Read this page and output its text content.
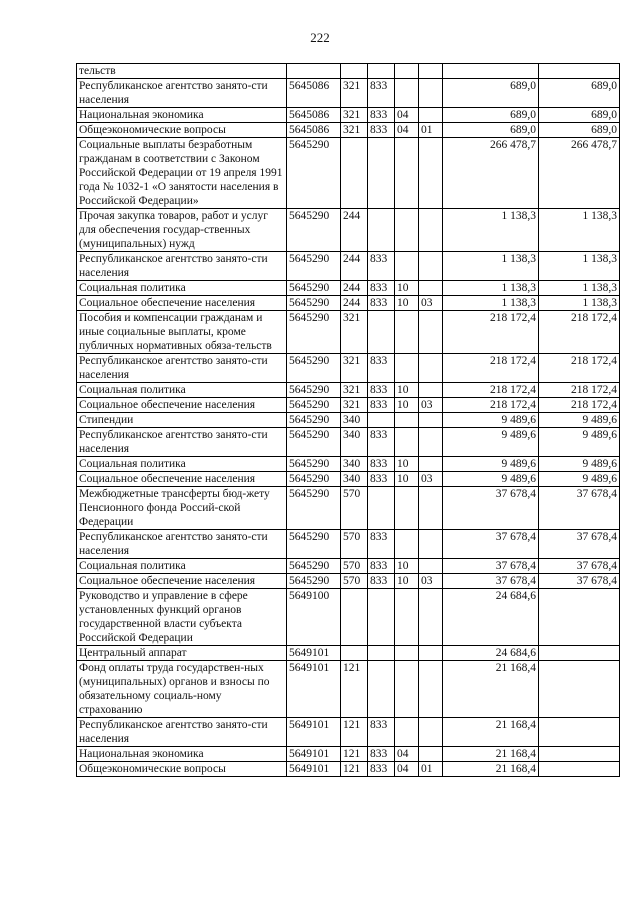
222
тельств							
Республиканское агентство занято-сти населения	5645086	321	833			689,0	689,0
Национальная экономика	5645086	321	833	04		689,0	689,0
Общеэкономические вопросы	5645086	321	833	04	01	689,0	689,0
Социальные выплаты безработным гражданам в соответствии с Законом Российской Федерации от 19 апреля 1991 года № 1032-1 «О занятости населения в Российской Федерации»	5645290					266 478,7	266 478,7
Прочая закупка товаров, работ и услуг для обеспечения государ-ственных (муниципальных) нужд	5645290	244				1 138,3	1 138,3
Республиканское агентство занято-сти населения	5645290	244	833			1 138,3	1 138,3
Социальная политика	5645290	244	833	10		1 138,3	1 138,3
Социальное обеспечение населения	5645290	244	833	10	03	1 138,3	1 138,3
Пособия и компенсации гражданам и иные социальные выплаты, кроме публичных нормативных обяза-тельств	5645290	321				218 172,4	218 172,4
Республиканское агентство занято-сти населения	5645290	321	833			218 172,4	218 172,4
Социальная политика	5645290	321	833	10		218 172,4	218 172,4
Социальное обеспечение населения	5645290	321	833	10	03	218 172,4	218 172,4
Стипендии	5645290	340				9 489,6	9 489,6
Республиканское агентство занято-сти населения	5645290	340	833			9 489,6	9 489,6
Социальная политика	5645290	340	833	10		9 489,6	9 489,6
Социальное обеспечение населения	5645290	340	833	10	03	9 489,6	9 489,6
Межбюджетные трансферты бюд-жету Пенсионного фонда Россий-ской Федерации	5645290	570				37 678,4	37 678,4
Республиканское агентство занято-сти населения	5645290	570	833			37 678,4	37 678,4
Социальная политика	5645290	570	833	10		37 678,4	37 678,4
Социальное обеспечение населения	5645290	570	833	10	03	37 678,4	37 678,4
Руководство и управление в сфере установленных функций органов государственной власти субъекта Российской Федерации	5649100					24 684,6	
Центральный аппарат	5649101					24 684,6	
Фонд оплаты труда государствен-ных (муниципальных) органов и взносы по обязательному социаль-ному страхованию	5649101	121				21 168,4	
Республиканское агентство занято-сти населения	5649101	121	833			21 168,4	
Национальная экономика	5649101	121	833	04		21 168,4	
Общеэкономические вопросы	5649101	121	833	04	01	21 168,4	
